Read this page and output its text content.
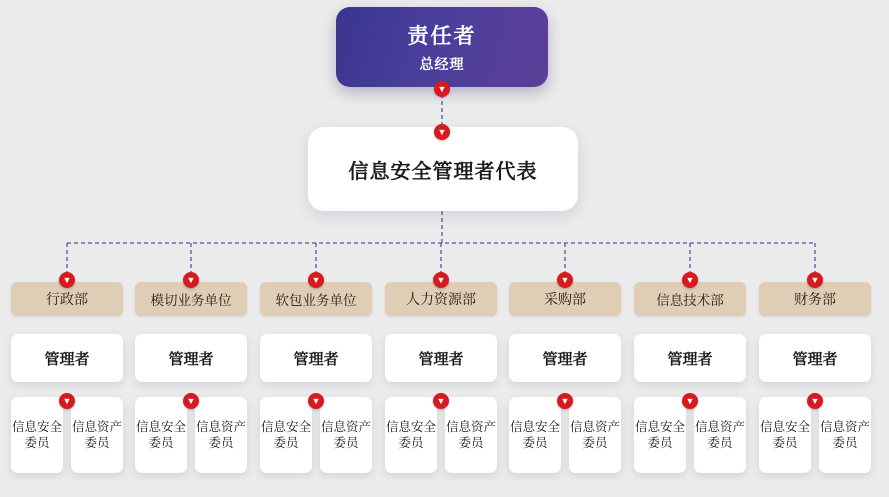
责任者
总经理
▼
信息安全管理者代表
▼
行政部
管理者
信息安全委员
信息资产委员
▼
▼
模切业务单位
管理者
信息安全委员
信息资产委员
▼
▼
软包业务单位
管理者
信息安全委员
信息资产委员
▼
▼
人力资源部
管理者
信息安全委员
信息资产委员
▼
▼
采购部
管理者
信息安全委员
信息资产委员
▼
▼
信息技术部
管理者
信息安全委员
信息资产委员
▼
▼
财务部
管理者
信息安全委员
信息资产委员
▼
▼
